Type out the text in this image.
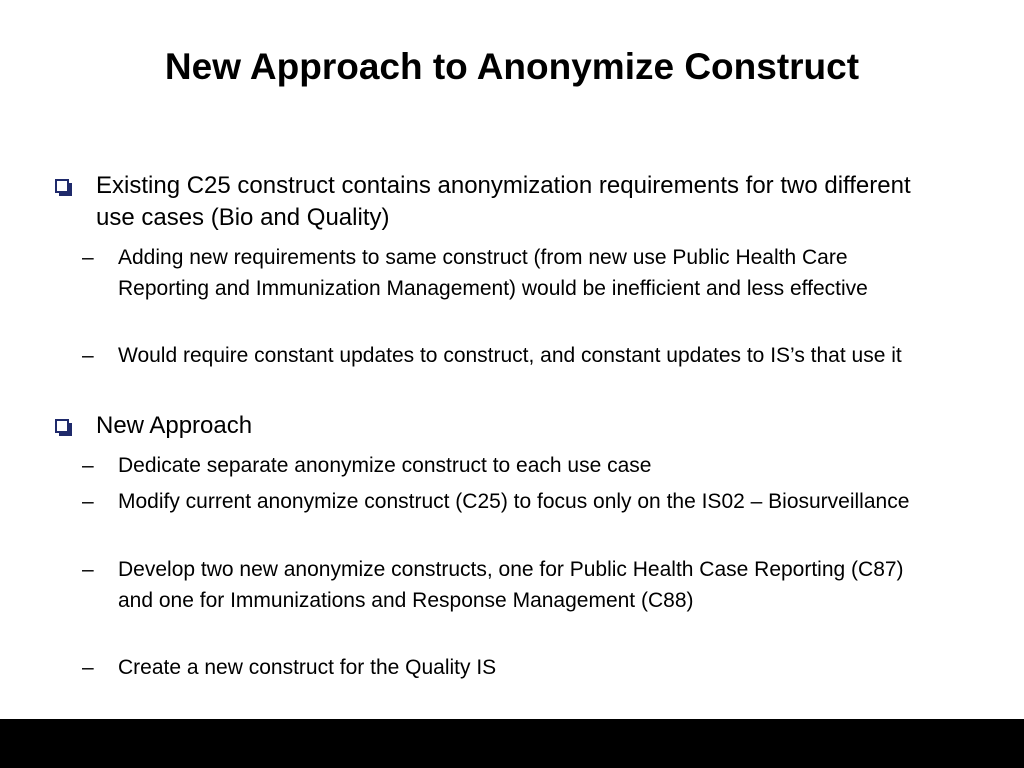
New Approach to Anonymize Construct
Existing C25 construct contains anonymization requirements for two different use cases (Bio and Quality)
– Adding new requirements to same construct (from new use Public Health Care Reporting and Immunization Management) would be inefficient and less effective
– Would require constant updates to construct, and constant updates to IS’s that use it
New Approach
– Dedicate separate anonymize construct to each use case
– Modify current anonymize construct (C25) to focus only on the IS02 – Biosurveillance
– Develop two new anonymize constructs, one for Public Health Case Reporting (C87) and one for Immunizations and Response Management (C88)
– Create a new construct for the Quality IS
